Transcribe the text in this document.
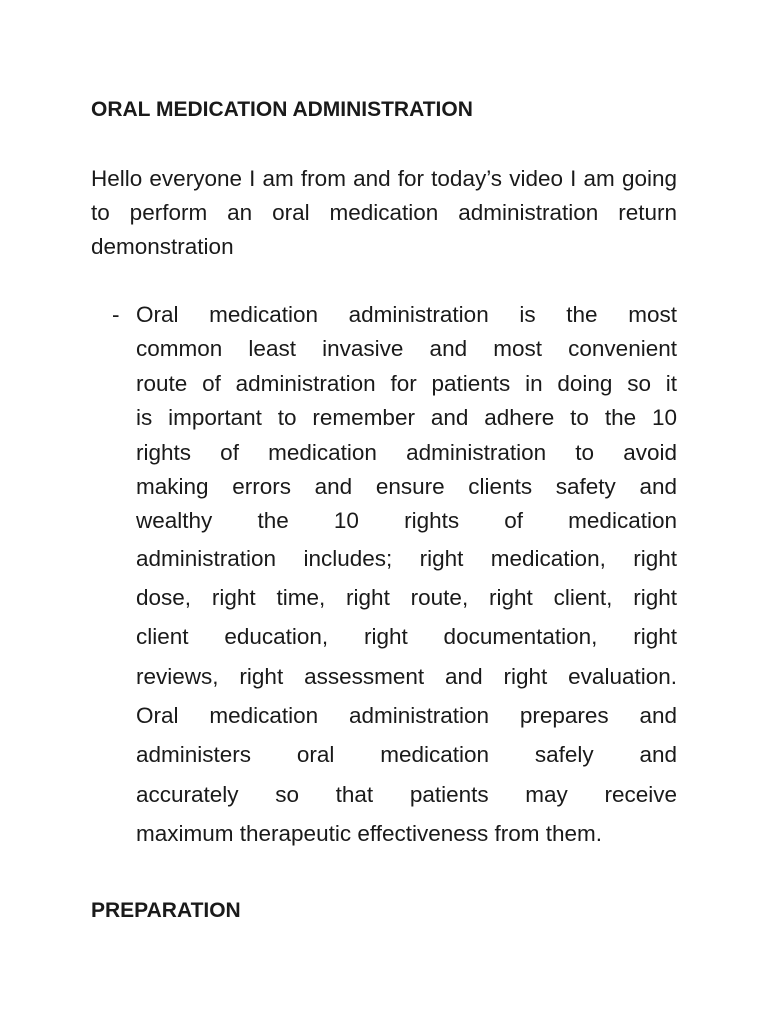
ORAL MEDICATION ADMINISTRATION

Hello everyone I am from and for today’s video I am going to perform an oral medication administration return demonstration

- Oral medication administration is the most
common least invasive and most convenient
route of administration for patients in doing so it
is important to remember and adhere to the 10
rights of medication administration to avoid
making errors and ensure clients safety and
wealthy the 10 rights of medication
administration includes; right medication, right
dose, right time, right route, right client, right
client education, right documentation, right
reviews, right assessment and right evaluation.
Oral medication administration prepares and
administers oral medication safely and
accurately so that patients may receive
maximum therapeutic effectiveness from them.
PREPARATION
